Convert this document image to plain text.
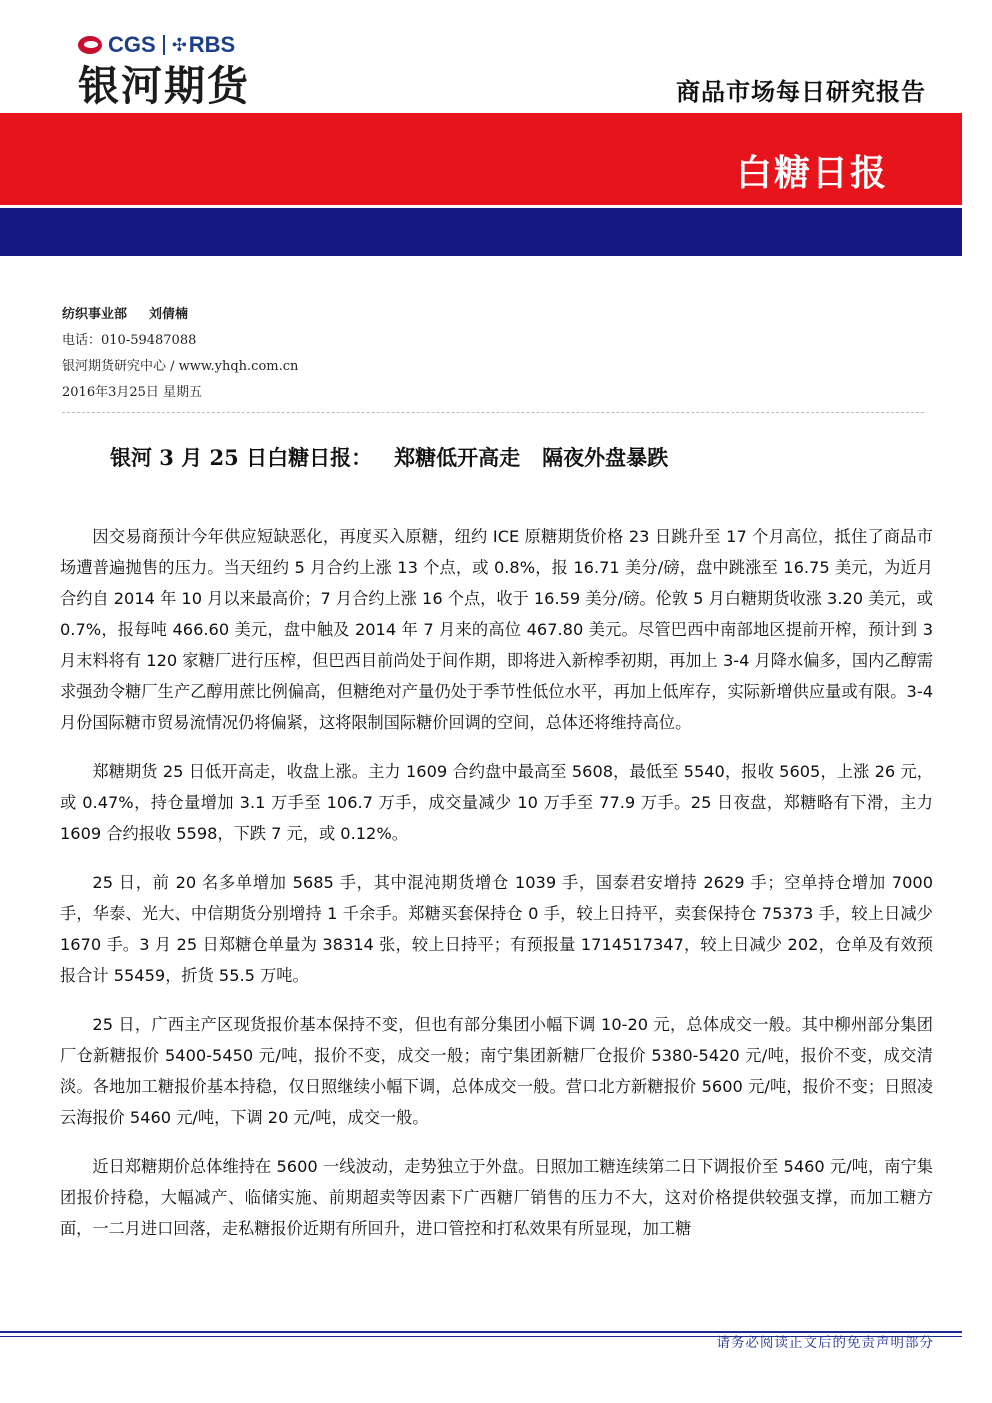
CGS ✣ RBS
银河期货	商品市场每日研究报告
白糖日报
纺织事业部 刘倩楠
电话：010-59487088
银河期货研究中心 / www.yhqh.com.cn
2016年3月25日 星期五
银河 3 月 25 日白糖日报： 郑糖低开高走 隔夜外盘暴跌

因交易商预计今年供应短缺恶化，再度买入原糖，纽约 ICE 原糖期货价格 23 日跳升至 17 个月高位，抵住了商品市场遭普遍抛售的压力。当天纽约 5 月合约上涨 13 个点，或 0.8%，报 16.71 美分/磅，盘中跳涨至 16.75 美元，为近月合约自 2014 年 10 月以来最高价；7 月合约上涨 16 个点，收于 16.59 美分/磅。伦敦 5 月白糖期货收涨 3.20 美元，或 0.7%，报每吨 466.60 美元，盘中触及 2014 年 7 月来的高位 467.80 美元。尽管巴西中南部地区提前开榨，预计到 3 月末料将有 120 家糖厂进行压榨，但巴西目前尚处于间作期，即将进入新榨季初期，再加上 3-4 月降水偏多，国内乙醇需求强劲令糖厂生产乙醇用蔗比例偏高，但糖绝对产量仍处于季节性低位水平，再加上低库存，实际新增供应量或有限。3-4 月份国际糖市贸易流情况仍将偏紧，这将限制国际糖价回调的空间，总体还将维持高位。

郑糖期货 25 日低开高走，收盘上涨。主力 1609 合约盘中最高至 5608，最低至 5540，报收 5605，上涨 26 元，或 0.47%，持仓量增加 3.1 万手至 106.7 万手，成交量减少 10 万手至 77.9 万手。25 日夜盘，郑糖略有下滑，主力 1609 合约报收 5598，下跌 7 元，或 0.12%。

25 日，前 20 名多单增加 5685 手，其中混沌期货增仓 1039 手，国泰君安增持 2629 手；空单持仓增加 7000 手，华泰、光大、中信期货分别增持 1 千余手。郑糖买套保持仓 0 手，较上日持平，卖套保持仓 75373 手，较上日减少 1670 手。3 月 25 日郑糖仓单量为 38314 张，较上日持平；有预报量 1714517347，较上日减少 202，仓单及有效预报合计 55459，折货 55.5 万吨。

25 日，广西主产区现货报价基本保持不变，但也有部分集团小幅下调 10-20 元，总体成交一般。其中柳州部分集团厂仓新糖报价 5400-5450 元/吨，报价不变，成交一般；南宁集团新糖厂仓报价 5380-5420 元/吨，报价不变，成交清淡。各地加工糖报价基本持稳，仅日照继续小幅下调，总体成交一般。营口北方新糖报价 5600 元/吨，报价不变；日照凌云海报价 5460 元/吨，下调 20 元/吨，成交一般。

近日郑糖期价总体维持在 5600 一线波动，走势独立于外盘。日照加工糖连续第二日下调报价至 5460 元/吨，南宁集团报价持稳，大幅减产、临储实施、前期超卖等因素下广西糖厂销售的压力不大，这对价格提供较强支撑，而加工糖方面，一二月进口回落，走私糖报价近期有所回升，进口管控和打私效果有所显现，加工糖

请务必阅读正文后的免责声明部分
